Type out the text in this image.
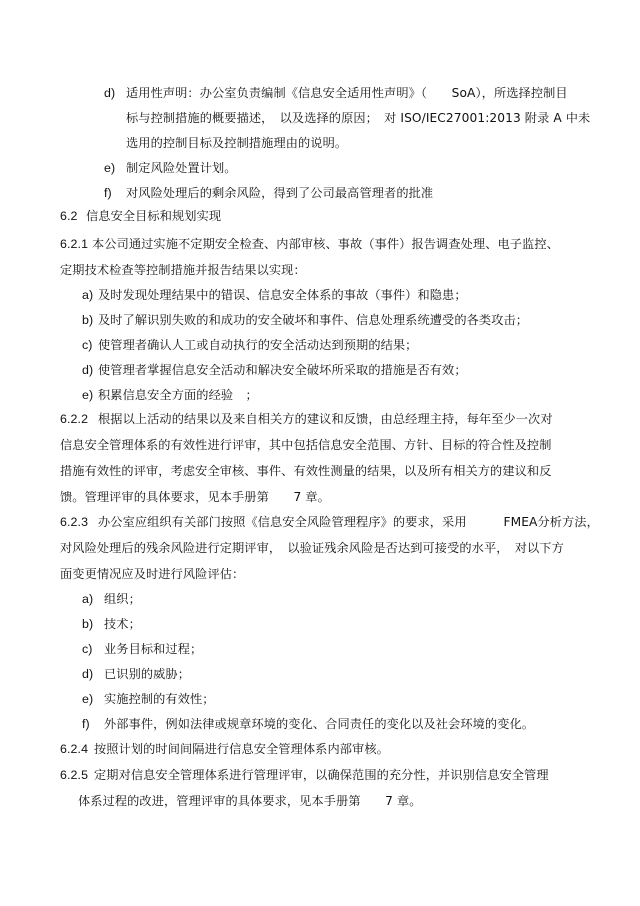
d) 适用性声明：办公室负责编制《信息安全适用性声明》（　　SoA），所选择控制目
标与控制措施的概要描述，　以及选择的原因；　对 ISO/IEC27001:2013 附录 A 中未
选用的控制目标及控制措施理由的说明。
e) 制定风险处置计划。
f) 对风险处理后的剩余风险，得到了公司最高管理者的批准
6.2 信息安全目标和规划实现
6.2.1 本公司通过实施不定期安全检查、内部审核、事故（事件）报告调查处理、电子监控、
定期技术检查等控制措施并报告结果以实现：
a) 及时发现处理结果中的错误、信息安全体系的事故（事件）和隐患；
b) 及时了解识别失败的和成功的安全破坏和事件、信息处理系统遭受的各类攻击；
c) 使管理者确认人工或自动执行的安全活动达到预期的结果；
d) 使管理者掌握信息安全活动和解决安全破坏所采取的措施是否有效；
e) 积累信息安全方面的经验　；
6.2.2 根据以上活动的结果以及来自相关方的建议和反馈，由总经理主持，每年至少一次对
信息安全管理体系的有效性进行评审，其中包括信息安全范围、方针、目标的符合性及控制
措施有效性的评审，考虑安全审核、事件、有效性测量的结果，以及所有相关方的建议和反
馈。管理评审的具体要求，见本手册第　　7 章。
6.2.3 办公室应组织有关部门按照《信息安全风险管理程序》的要求，采用　　　FMEA分析方法，
对风险处理后的残余风险进行定期评审，　以验证残余风险是否达到可接受的水平，　对以下方
面变更情况应及时进行风险评估：
a) 组织；
b) 技术；
c) 业务目标和过程；
d) 已识别的威胁；
e) 实施控制的有效性；
f) 外部事件，例如法律或规章环境的变化、合同责任的变化以及社会环境的变化。
6.2.4 按照计划的时间间隔进行信息安全管理体系内部审核。
6.2.5 定期对信息安全管理体系进行管理评审，以确保范围的充分性，并识别信息安全管理
体系过程的改进，管理评审的具体要求，见本手册第　　7 章。
